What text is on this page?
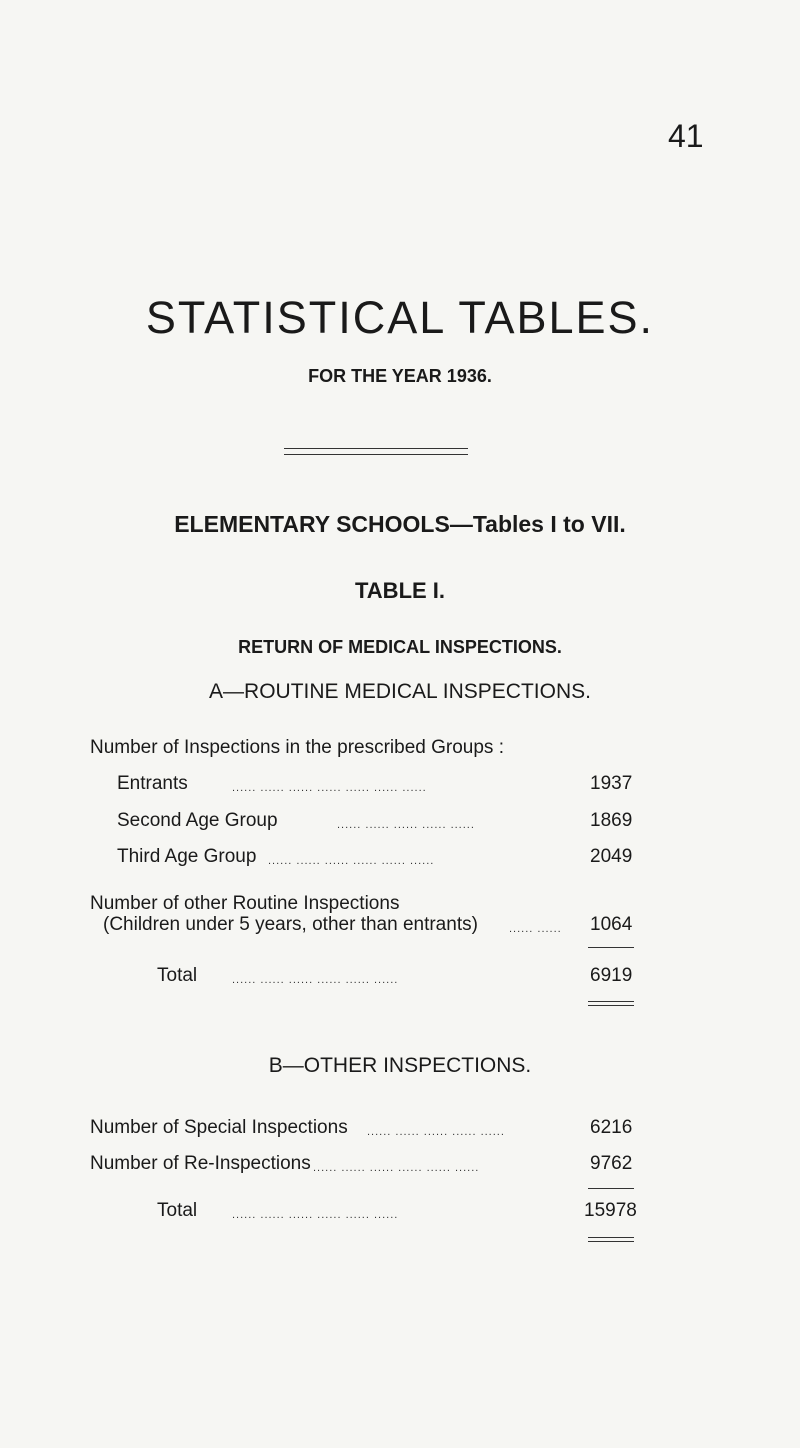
41
STATISTICAL TABLES.
FOR THE YEAR 1936.
ELEMENTARY SCHOOLS—Tables I to VII.
TABLE I.
RETURN OF MEDICAL INSPECTIONS.
A—ROUTINE MEDICAL INSPECTIONS.
Number of Inspections in the prescribed Groups :
Entrants	...... ...... ...... ...... ...... ...... ......	1937
Second Age Group	...... ...... ...... ...... ......	1869
Third Age Group ...... ...... ...... ...... ...... ......	2049
Number of other Routine Inspections
(Children under 5 years, other than entrants)	...... ...... 1064
Total	...... ...... ...... ...... ...... ......	6919
B—OTHER INSPECTIONS.
Number of Special Inspections ...... ...... ...... ...... ......	6216
Number of Re-Inspections ...... ...... ...... ...... ...... ......	9762
Total	...... ...... ...... ...... ...... ......	15978
